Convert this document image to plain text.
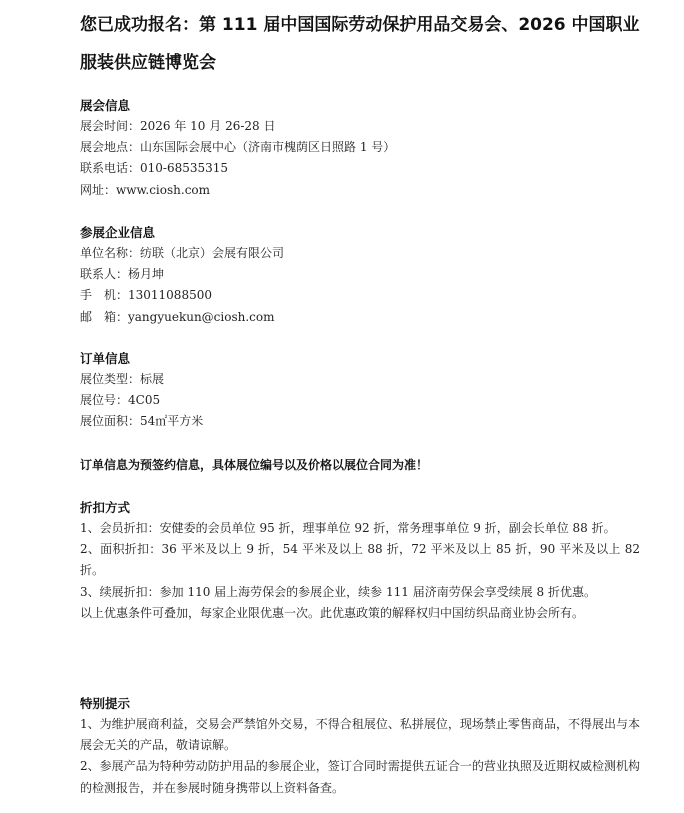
您已成功报名：第 111 届中国国际劳动保护用品交易会、2026 中国职业服装供应链博览会
展会信息
展会时间：2026 年 10 月 26-28 日
展会地点：山东国际会展中心（济南市槐荫区日照路 1 号）
联系电话：010-68535315
网址：www.ciosh.com
参展企业信息
单位名称：纺联（北京）会展有限公司
联系人：杨月坤
手　机：13011088500
邮　箱：yangyuekun@ciosh.com
订单信息
展位类型：标展
展位号：4C05
展位面积：54㎡平方米
订单信息为预签约信息，具体展位编号以及价格以展位合同为准！
折扣方式
1、会员折扣：安健委的会员单位 95 折，理事单位 92 折，常务理事单位 9 折，副会长单位 88 折。
2、面积折扣：36 平米及以上 9 折，54 平米及以上 88 折，72 平米及以上 85 折，90 平米及以上 82 折。
3、续展折扣：参加 110 届上海劳保会的参展企业，续参 111 届济南劳保会享受续展 8 折优惠。
以上优惠条件可叠加，每家企业限优惠一次。此优惠政策的解释权归中国纺织品商业协会所有。
特别提示
1、为维护展商利益，交易会严禁馆外交易，不得合租展位、私拼展位，现场禁止零售商品，不得展出与本展会无关的产品，敬请谅解。
2、参展产品为特种劳动防护用品的参展企业，签订合同时需提供五证合一的营业执照及近期权威检测机构的检测报告，并在参展时随身携带以上资料备查。
